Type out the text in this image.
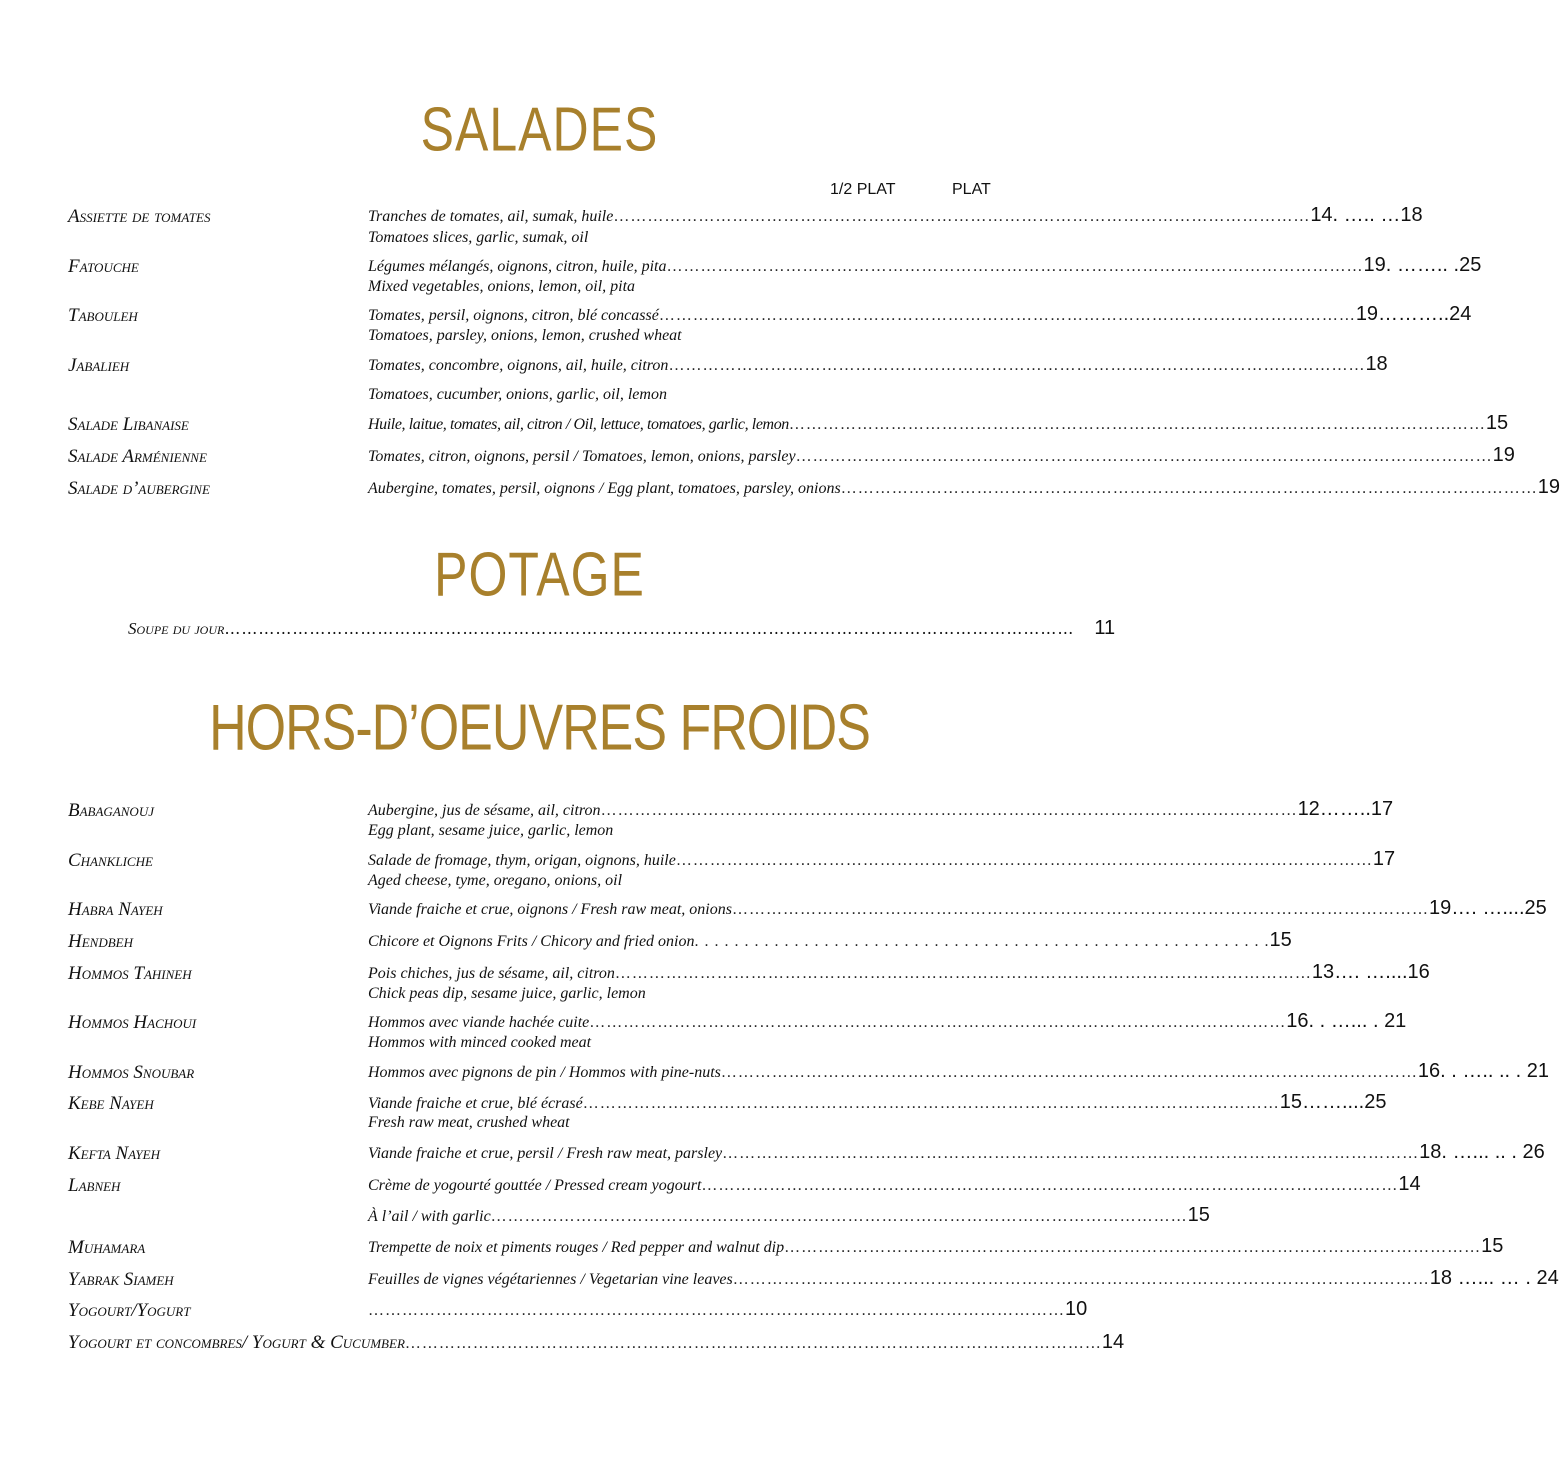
SALADES
1/2 PLAT	PLAT
Assiette de tomates	Tranches de tomates, ail, sumak, huile …………………………………………………………………………………………………………… 14. ….. …18
Tomatoes slices, garlic, sumak, oil
Fatouche	Légumes mélangés, oignons, citron, huile, pita …………………………………………………………………………………………………………… 19. …….. .25
Mixed vegetables, onions, lemon, oil, pita
Tabouleh	Tomates, persil, oignons, citron, blé concassé …………………………………………………………………………………………………………… 19………..24
Tomatoes, parsley, onions, lemon, crushed wheat
Jabalieh	Tomates, concombre, oignons, ail, huile, citron …………………………………………………………………………………………………………… 18
Tomatoes, cucumber, onions, garlic, oil, lemon
Salade Libanaise	Huile, laitue, tomates, ail, citron / Oil, lettuce, tomatoes, garlic, lemon …………………………………………………………………………………………………………… 15
Salade Arménienne	Tomates, citron, oignons, persil / Tomatoes, lemon, onions, parsley …………………………………………………………………………………………………………… 19
Salade d’aubergine	Aubergine, tomates, persil, oignons / Egg plant, tomatoes, parsley, onions …………………………………………………………………………………………………………… 19
POTAGE
Soupe du jour ……………………………………………………………………………………………………………………………………	11
HORS-D’OEUVRES FROIDS
Babaganouj	Aubergine, jus de sésame, ail, citron …………………………………………………………………………………………………………… 12……..17
Egg plant, sesame juice, garlic, lemon
Chankliche	Salade de fromage, thym, origan, oignons, huile …………………………………………………………………………………………………………… 17
Aged cheese, tyme, oregano, onions, oil
Habra Nayeh	Viande fraiche et crue, oignons / Fresh raw meat, onions …………………………………………………………………………………………………………… 19…. …....25
Hendbeh	Chicore et Oignons Frits / Chicory and fried onion . . . . . . . . . . . . . . . . . . . . . . . . . . . . . . . . . . . . . . . . . . . . . . . . . . . . . . . . . . 15
Hommos Tahineh	Pois chiches, jus de sésame, ail, citron …………………………………………………………………………………………………………… 13…. …....16
Chick peas dip, sesame juice, garlic, lemon
Hommos Hachoui	Hommos avec viande hachée cuite …………………………………………………………………………………………………………… 16. . …... . 21
Hommos with minced cooked meat
Hommos Snoubar	Hommos avec pignons de pin / Hommos with pine-nuts …………………………………………………………………………………………………………… 16. . ….. .. . 21
Kebe Nayeh	Viande fraiche et crue, blé écrasé …………………………………………………………………………………………………………… 15……....25
Fresh raw meat, crushed wheat
Kefta Nayeh	Viande fraiche et crue, persil / Fresh raw meat, parsley …………………………………………………………………………………………………………… 18. …... .. . 26
Labneh	Crème de yogourté gouttée / Pressed cream yogourt …………………………………………………………………………………………………………… 14
À l’ail / with garlic …………………………………………………………………………………………………………… 15
Muhamara	Trempette de noix et piments rouges / Red pepper and walnut dip …………………………………………………………………………………………………………… 15
Yabrak Siameh	Feuilles de vignes végétariennes / Vegetarian vine leaves …………………………………………………………………………………………………………… 18 …... … . 24
Yogourt/Yogurt	…………………………………………………………………………………………………………… 10
Yogourt et concombres/ Yogurt & Cucumber …………………………………………………………………………………………………………… 14
